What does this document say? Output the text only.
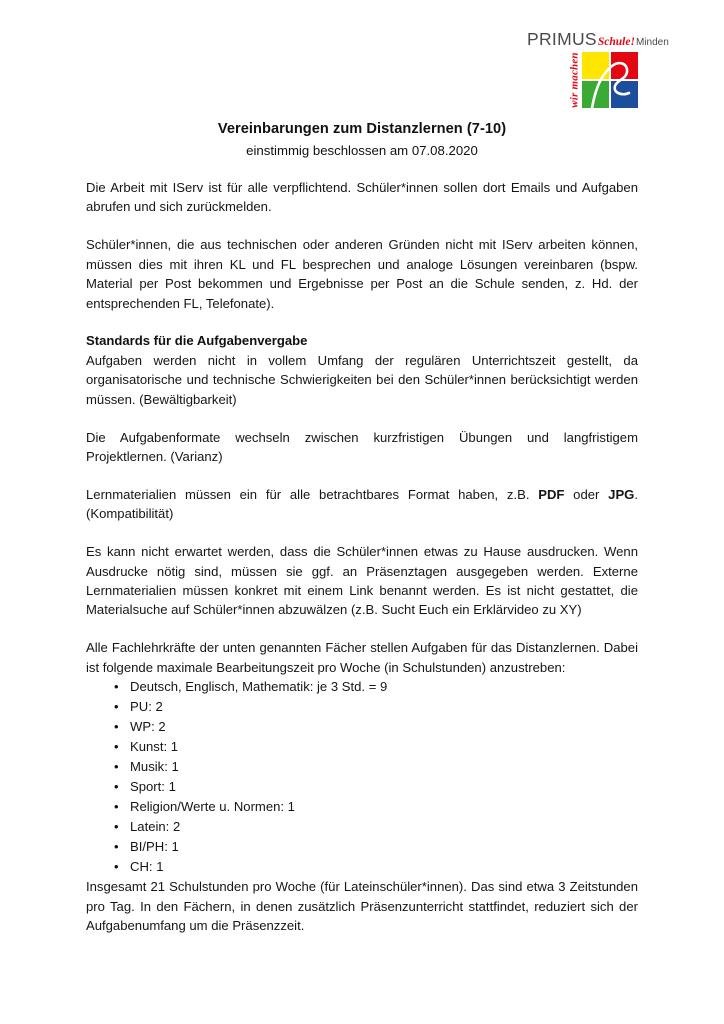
PRIMUSSchule!Minden
wir machen
Vereinbarungen zum Distanzlernen (7-10)
einstimmig beschlossen am 07.08.2020

Die Arbeit mit IServ ist für alle verpflichtend. Schüler*innen sollen dort Emails und Aufgaben abrufen und sich zurückmelden.

Schüler*innen, die aus technischen oder anderen Gründen nicht mit IServ arbeiten können, müssen dies mit ihren KL und FL besprechen und analoge Lösungen vereinbaren (bspw. Material per Post bekommen und Ergebnisse per Post an die Schule senden, z. Hd. der entsprechenden FL, Telefonate).

Standards für die Aufgabenvergabe

Aufgaben werden nicht in vollem Umfang der regulären Unterrichtszeit gestellt, da organisatorische und technische Schwierigkeiten bei den Schüler*innen berücksichtigt werden müssen. (Bewältigbarkeit)

Die Aufgabenformate wechseln zwischen kurzfristigen Übungen und langfristigem Projektlernen. (Varianz)

Lernmaterialien müssen ein für alle betrachtbares Format haben, z.B. PDF oder JPG. (Kompatibilität)

Es kann nicht erwartet werden, dass die Schüler*innen etwas zu Hause ausdrucken. Wenn Ausdrucke nötig sind, müssen sie ggf. an Präsenztagen ausgegeben werden. Externe Lernmaterialien müssen konkret mit einem Link benannt werden. Es ist nicht gestattet, die Materialsuche auf Schüler*innen abzuwälzen (z.B. Sucht Euch ein Erklärvideo zu XY)

Alle Fachlehrkräfte der unten genannten Fächer stellen Aufgaben für das Distanzlernen. Dabei ist folgende maximale Bearbeitungszeit pro Woche (in Schulstunden) anzustreben:

• Deutsch, Englisch, Mathematik: je 3 Std. = 9
• PU: 2
• WP: 2
• Kunst: 1
• Musik: 1
• Sport: 1
• Religion/Werte u. Normen: 1
• Latein: 2
• BI/PH: 1
• CH: 1

Insgesamt 21 Schulstunden pro Woche (für Lateinschüler*innen). Das sind etwa 3 Zeitstunden pro Tag. In den Fächern, in denen zusätzlich Präsenzunterricht stattfindet, reduziert sich der Aufgabenumfang um die Präsenzzeit.
